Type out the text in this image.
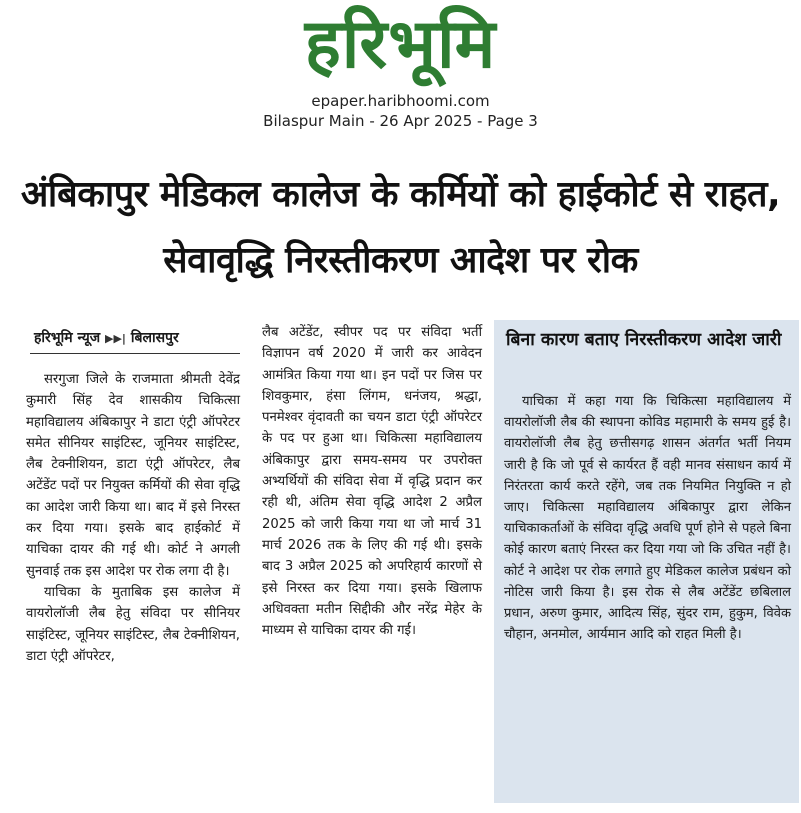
हरिभूमि
epaper.haribhoomi.com
Bilaspur Main - 26 Apr 2025 - Page 3
अंबिकापुर मेडिकल कालेज के कर्मियों को हाईकोर्ट से राहत, सेवावृद्धि निरस्तीकरण आदेश पर रोक
हरिभूमि न्यूज ▶▶| बिलासपुर

सरगुजा जिले के राजमाता श्रीमती देवेंद्र कुमारी सिंह देव शासकीय चिकित्सा महाविद्यालय अंबिकापुर ने डाटा एंट्री ऑपरेटर समेत सीनियर साइंटिस्ट, जूनियर साइंटिस्ट, लैब टेक्नीशियन, डाटा एंट्री ऑपरेटर, लैब अटेंडेंट पदों पर नियुक्त कर्मियों की सेवा वृद्धि का आदेश जारी किया था। बाद में इसे निरस्त कर दिया गया। इसके बाद हाईकोर्ट में याचिका दायर की गई थी। कोर्ट ने अगली सुनवाई तक इस आदेश पर रोक लगा दी है।

याचिका के मुताबिक इस कालेज में वायरोलॉजी लैब हेतु संविदा पर सीनियर साइंटिस्ट, जूनियर साइंटिस्ट, लैब टेक्नीशियन, डाटा एंट्री ऑपरेटर,

लैब अटेंडेंट, स्वीपर पद पर संविदा भर्ती विज्ञापन वर्ष 2020 में जारी कर आवेदन आमंत्रित किया गया था। इन पदों पर जिस पर शिवकुमार, हंसा लिंगम, धनंजय, श्रद्धा, पनमेश्वर वृंदावती का चयन डाटा एंट्री ऑपरेटर के पद पर हुआ था। चिकित्सा महाविद्यालय अंबिकापुर द्वारा समय-समय पर उपरोक्त अभ्यर्थियों की संविदा सेवा में वृद्धि प्रदान कर रही थी, अंतिम सेवा वृद्धि आदेश 2 अप्रैल 2025 को जारी किया गया था जो मार्च 31 मार्च 2026 तक के लिए की गई थी। इसके बाद 3 अप्रैल 2025 को अपरिहार्य कारणों से इसे निरस्त कर दिया गया। इसके खिलाफ अधिवक्ता मतीन सिद्दीकी और नरेंद्र मेहेर के माध्यम से याचिका दायर की गई।

बिना कारण बताए निरस्तीकरण आदेश जारी

याचिका में कहा गया कि चिकित्सा महाविद्यालय में वायरोलॉजी लैब की स्थापना कोविड महामारी के समय हुई है। वायरोलॉजी लैब हेतु छत्तीसगढ़ शासन अंतर्गत भर्ती नियम जारी है कि जो पूर्व से कार्यरत हैं वही मानव संसाधन कार्य में निरंतरता कार्य करते रहेंगे, जब तक नियमित नियुक्ति न हो जाए। चिकित्सा महाविद्यालय अंबिकापुर द्वारा लेकिन याचिकाकर्ताओं के संविदा वृद्धि अवधि पूर्ण होने से पहले बिना कोई कारण बताएं निरस्त कर दिया गया जो कि उचित नहीं है। कोर्ट ने आदेश पर रोक लगाते हुए मेडिकल कालेज प्रबंधन को नोटिस जारी किया है। इस रोक से लैब अटेंडेंट छबिलाल प्रधान, अरुण कुमार, आदित्य सिंह, सुंदर राम, हुकुम, विवेक चौहान, अनमोल, आर्यमान आदि को राहत मिली है।
